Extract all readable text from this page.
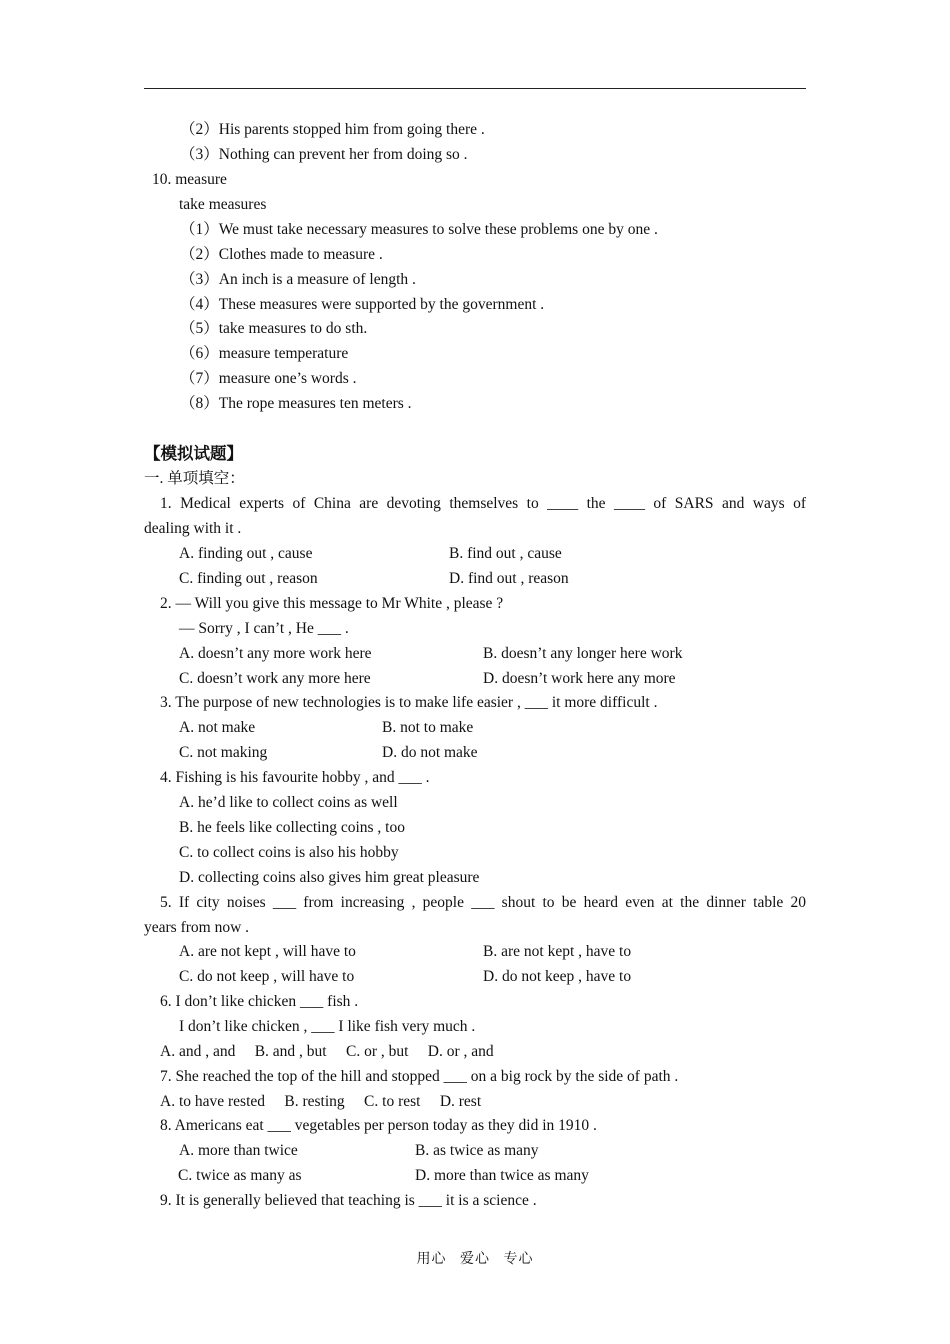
（2）His parents stopped him from going there .
（3）Nothing can prevent her from doing so .
10. measure
take measures
（1）We must take necessary measures to solve these problems one by one .
（2）Clothes made to measure .
（3）An inch is a measure of length .
（4）These measures were supported by the government .
（5）take measures to do sth.
（6）measure temperature
（7）measure one’s words .
（8）The rope measures ten meters .
【模拟试题】
一. 单项填空：
1. Medical experts of China are devoting themselves to ____ the ____ of SARS and ways of
dealing with it .
A. finding out , cause	B. find out , cause
C. finding out , reason	D. find out , reason
2. — Will you give this message to Mr White , please ?
— Sorry , I can’t , He ___ .
A. doesn’t any more work here	B. doesn’t any longer here work
C. doesn’t work any more here	D. doesn’t work here any more
3. The purpose of new technologies is to make life easier , ___ it more difficult .
A. not make	B. not to make
C. not making	D. do not make
4. Fishing is his favourite hobby , and ___ .
A. he’d like to collect coins as well
B. he feels like collecting coins , too
C. to collect coins is also his hobby
D. collecting coins also gives him great pleasure
5. If city noises ___ from increasing , people ___ shout to be heard even at the dinner table 20
years from now .
A. are not kept , will have to	B. are not kept , have to
C. do not keep , will have to	D. do not keep , have to
6. I don’t like chicken ___ fish .
I don’t like chicken , ___ I like fish very much .
A. and , and     B. and , but     C. or , but     D. or , and
7. She reached the top of the hill and stopped ___ on a big rock by the side of path .
A. to have rested     B. resting     C. to rest     D. rest
8. Americans eat ___ vegetables per person today as they did in 1910 .
A. more than twice	B. as twice as many
C. twice as many as	D. more than twice as many
9. It is generally believed that teaching is ___ it is a science .
用心   爱心   专心
